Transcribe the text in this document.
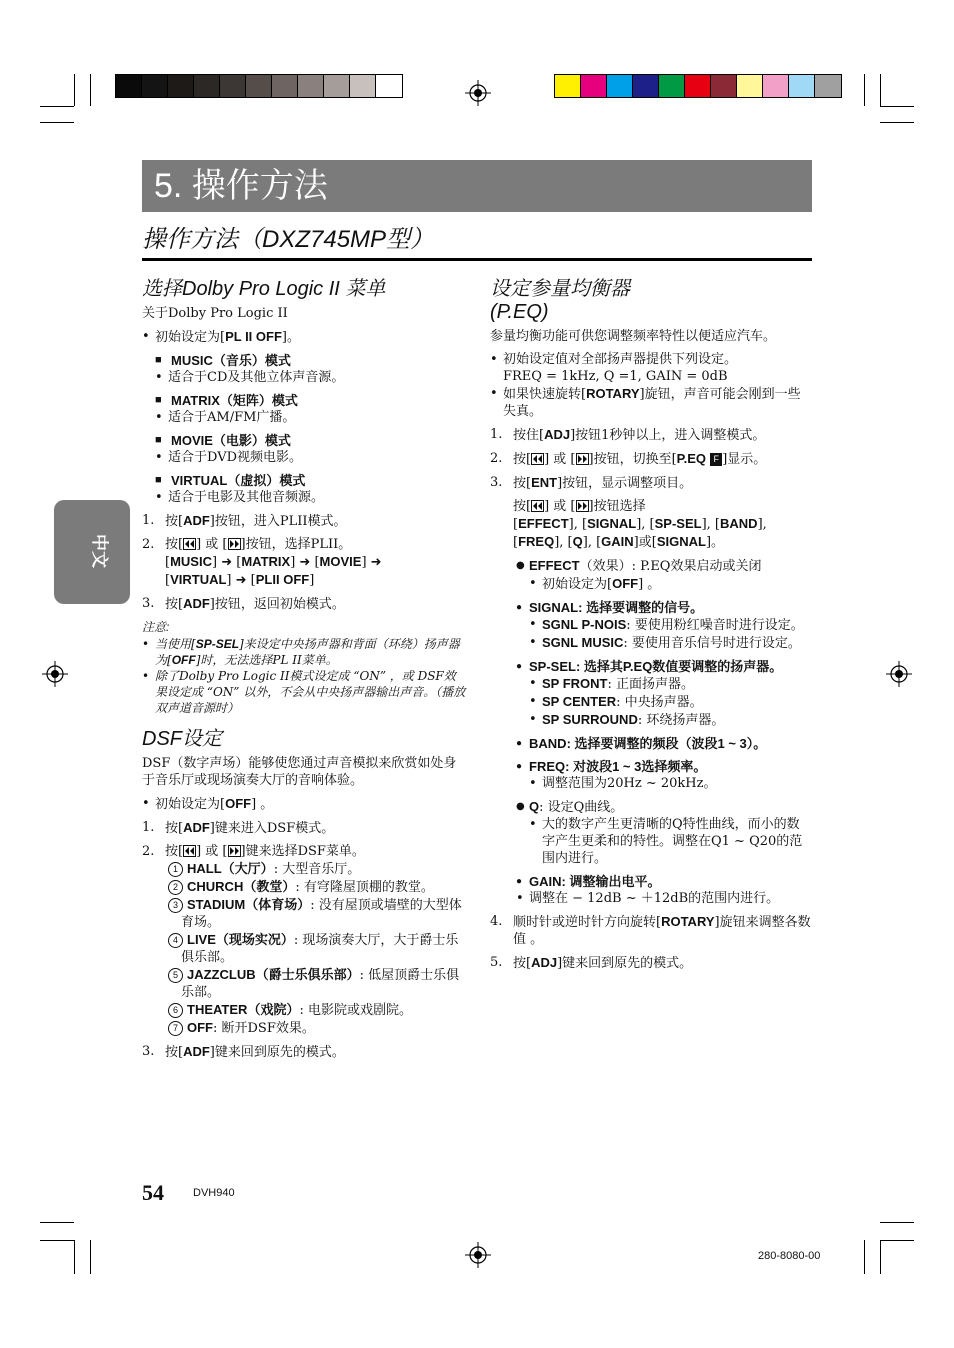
5. 操作方法
操作方法（DXZ745MP型）
中文
选择Dolby Pro Logic II 菜单

关于Dolby Pro Logic II

• 初始设定为[PL II OFF]。

■ MUSIC（音乐）模式

• 适合于CD及其他立体声音源。

■ MATRIX（矩阵）模式

• 适合于AM/FM广播。

■ MOVIE（电影）模式

• 适合于DVD视频电影。

■ VIRTUAL（虚拟）模式

• 适合于电影及其他音频源。

1. 按[ADF]按钮，进入PLII模式。

2. 按[ ] 或 [ ]按钮，选择PLII。
[MUSIC] ➜ [MATRIX] ➜ [MOVIE] ➜
[VIRTUAL] ➜ [PLII OFF]

3. 按[ADF]按钮，返回初始模式。

注意:

• 当使用[SP-SEL]来设定中央扬声器和背面（环绕）扬声器为[OFF]时，无法选择PL II菜单。

• 除了Dolby Pro Logic II模式设定成 “ON” ，或 DSF效果设定成 “ON” 以外，不会从中央扬声器输出声音。（播放双声道音源时）

DSF设定

DSF（数字声场）能够使您通过声音模拟来欣赏如处身于音乐厅或现场演奏大厅的音响体验。

• 初始设定为[OFF] 。

1. 按[ADF]键来进入DSF模式。

2. 按[ ] 或 [ ]键来选择DSF菜单。

1 HALL（大厅）: 大型音乐厅。

2 CHURCH（教堂）: 有穹隆屋顶棚的教堂。

3 STADIUM（体育场）: 没有屋顶或墙壁的大型体育场。

4 LIVE（现场实况）: 现场演奏大厅，大于爵士乐俱乐部。

5 JAZZCLUB（爵士乐俱乐部）: 低屋顶爵士乐俱乐部。

6 THEATER（戏院）: 电影院或戏剧院。

7 OFF: 断开DSF效果。

3. 按[ADF]键来回到原先的模式。

设定参量均衡器
(P.EQ)

参量均衡功能可供您调整频率特性以便适应汽车。

• 初始设定值对全部扬声器提供下列设定。
FREQ = 1kHz, Q =1, GAIN = 0dB

• 如果快速旋转[ROTARY]旋钮，声音可能会刚到一些失真。

1. 按住[ADJ]按钮1秒钟以上，进入调整模式。

2. 按[ ] 或 [ ]按钮，切换至[P.EQ F ]显示。

3. 按[ENT]按钮，显示调整项目。

按[ ] 或 [ ]按钮选择
[EFFECT], [SIGNAL], [SP-SEL], [BAND],
[FREQ], [Q], [GAIN]或[SIGNAL]。

● EFFECT（效果）: P.EQ效果启动或关闭

• 初始设定为[OFF] 。

● SIGNAL: 选择要调整的信号。

• SGNL P-NOIS: 要使用粉红噪音时进行设定。

• SGNL MUSIC: 要使用音乐信号时进行设定。

● SP-SEL: 选择其P.EQ数值要调整的扬声器。

• SP FRONT: 正面扬声器。

• SP CENTER: 中央扬声器。

• SP SURROUND: 环绕扬声器。

● BAND: 选择要调整的频段（波段1 ~ 3）。

● FREQ: 对波段1 ~ 3选择频率。

• 调整范围为20Hz ~ 20kHz。

● Q: 设定Q曲线。

• 大的数字产生更清晰的Q特性曲线，而小的数字产生更柔和的特性。调整在Q1 ~ Q20的范围内进行。

● GAIN: 调整输出电平。

• 调整在 − 12dB ~ ＋12dB的范围内进行。

4. 顺时针或逆时针方向旋转[ROTARY]旋钮来调整各数值 。

5. 按[ADJ]键来回到原先的模式。

54	DVH940
280-8080-00
